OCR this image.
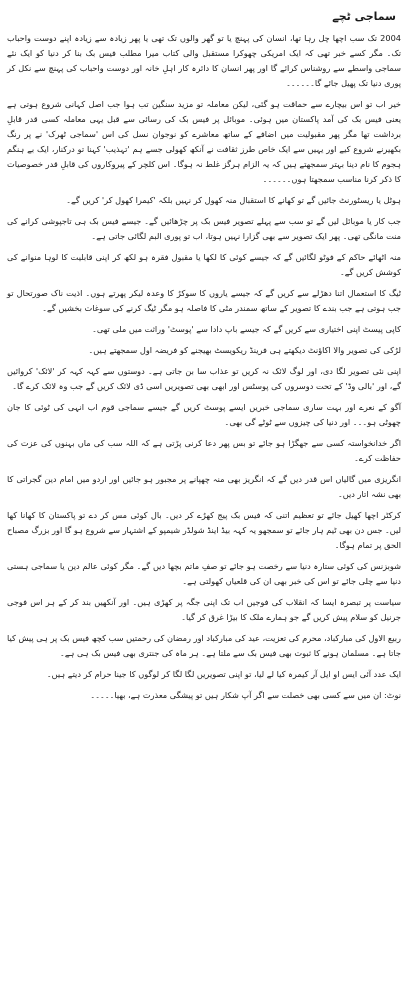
سماجی ٹچے
2004 تک سب اچھا چل رہا تھا، انسان کی پہنچ یا تو گھر والوں تک تھی یا پھر زیادہ سے زیادہ اپنے دوست واحباب تک۔ مگر کسے خبر تھی کہ ایک امریکی چھوکرا مستقبل والی کتاب میرا مطلب فیس بک بنا کر دنیا کو ایک نئے سماجی واسطے سے روشناس کرائے گا اور پھر انسان کا دائرہ کار اہلِ خانہ اور دوست واحباب کی پہنچ سے نکل کر پوری دنیا تک پھیل جائے گا۔۔۔۔۔۔
خیر اب تو اس بیچارے سے حماقت ہو گئی، لیکن معاملہ تو مزید سنگین تب ہوا جب اصل کہانی شروع ہوتی ہے یعنی فیس بک کی آمد پاکستان میں ہوئی۔ موبائل پر فیس بک کی رسائی سے قبل یہی معاملہ کسی قدر قابلِ برداشت تھا مگر پھر مقبولیت میں اضافے کے ساتھ معاشرے کو نوجوان نسل کی اس 'سماجی ٹھرک' نے پر رنگ بکھیرنے شروع کیے اور یہیں سے ایک خاص طرز ثقافت نے آنکھ کھولی جسے ہم 'تہذیب' کہنا تو درکنار، ایک بے ہنگم ہجوم کا نام دینا بہتر سمجھتے ہیں کہ یہ الزام ہرگز غلط نہ ہوگا۔ اس کلچر کے پیروکاروں کی قابلِ قدر خصوصیات کا ذکر کرنا مناسب سمجھتا ہوں۔۔۔۔۔۔
ہوٹل یا ریسٹورنٹ جائیں گے تو کھانے کا استقبال منہ کھول کر نہیں بلکہ 'کیمرا کھول کر' کریں گے۔
جب کار یا موبائل لیں گے تو سب سے پہلے تصویر فیس بک پر چڑھائیں گے۔ جیسے فیس بک ہی تاجپوشی کرانے کی منت مانگی تھی۔ پھر ایک تصویر سے بھی گزارا نہیں ہوتا، اب تو پوری البم لگائی جاتی ہے۔
منہ اٹھائے حاکم کے فوٹو لگائیں گے کہ جیسے کوئی کا لکھا یا مقبول فقرہ ہو لکھ کر اپنی قابلیت کا لوہا منوانے کی کوشش کریں گے۔
ٹیگ کا استعمال اتنا دھڑلے سے کریں گے کہ جیسے یاروں کا سوکڑ کا وعدہ لیکر پھرتے ہوں۔ اذیت ناک صورتحال تو جب ہوتی ہے جب بندے کا تصویر کے ساتھ سمندر مٹی کا فاصلہ ہو مگر ٹیگ کرنے کی سوغات بخشیں گے۔
کاپی پیسٹ اپنی اختیاری سے کریں گے کہ جیسے باپ دادا سے 'پوسٹ' وراثت میں ملی تھی۔
لڑکی کی تصویر والا اکاؤنٹ دیکھتے ہی فرینڈ ریکویسٹ بھیجنے کو فریضہ اول سمجھتے ہیں۔
اپنی نئی تصویر لگا دی، اور لوگ لائک نہ کریں تو عذاب سا بن جاتی ہے۔ دوستوں سے کہہ کہہ کر 'لائک' کروائیں گے، اور 'بالی وڈ' کے تحت دوسروں کی پوسٹس اور ابھی بھی تصویریں اسی ڈی لائک کریں گے جب وہ لائک کرے گا۔
آگو کے نعرے اور بہت ساری سماجی خبریں ایسے پوسٹ کریں گے جیسے سماجی قوم اب انہی کی ٹوئی کا جان چھوٹی ہو۔۔۔ اور دنیا کی چیزوں سے ٹوٹے گی بھی۔
اگر خدانخواستہ کسی سے جھگڑا ہو جائے تو بس پھر دعا کرنی پڑتی ہے کہ اللہ سب کی ماں بہنوں کی عزت کی حفاظت کرے۔
انگریزی میں گالیاں اس قدر دیں گے کہ انگریز بھی منہ چھپانے پر مجبور ہو جائیں اور اردو میں امام دین گجراتی کا بھی نشہ اتار دیں۔
کرکٹر اچھا کھیل جائے تو تعظیم اتنی کہ فیس بک پیج کھڑے کر دیں۔ بال کوئی مس کر دے تو پاکستان کا کھانا کھا لیں۔ جس دن بھی ٹیم ہار جائے تو سمجھو یہ کہہ بیڈ اینڈ شولڈر شیمپو کے اشتہار سے شروع ہو گا اور بزرگ مصباح الحق پر تمام ہوگا۔
شوبزنس کی کوئی ستارہ دنیا سے رخصت ہو جائے تو صفِ ماتم بچھا دیں گے۔ مگر کوئی عالم دین یا سماجی ہستی دنیا سے چلی جائے تو اس کی خبر بھی ان کی قلعیاں کھولتی ہے۔
سیاست پر تبصرہ ایسا کہ انقلاب کی فوجیں اب تک اپنی جگہ پر کھڑی ہیں۔ اور آنکھیں بند کر کے ہر اس فوجی جرنیل کو سلام پیش کریں گے جو ہمارے ملک کا بیڑا غرق کر گیا۔
ربیع الاول کی مبارکباد، محرم کی تعزیت، عید کی مبارکباد اور رمضان کی رحمتیں سب کچھ فیس بک پر ہی پیش کیا جاتا ہے۔ مسلمان ہونے کا ثبوت بھی فیس بک سے ملتا ہے۔ ہر ماہ کی جنتری بھی فیس بک ہی ہے۔
ایک عدد آئی ایس او ایل آر کیمرہ کیا لے لیا، تو اپنی تصویریں لگا لگا کر لوگوں کا جینا حرام کر دیتے ہیں۔
نوٹ: ان میں سے کسی بھی خصلت سے اگر آپ شکار ہیں تو پیشگی معذرت ہے، بھیا۔۔۔۔۔
